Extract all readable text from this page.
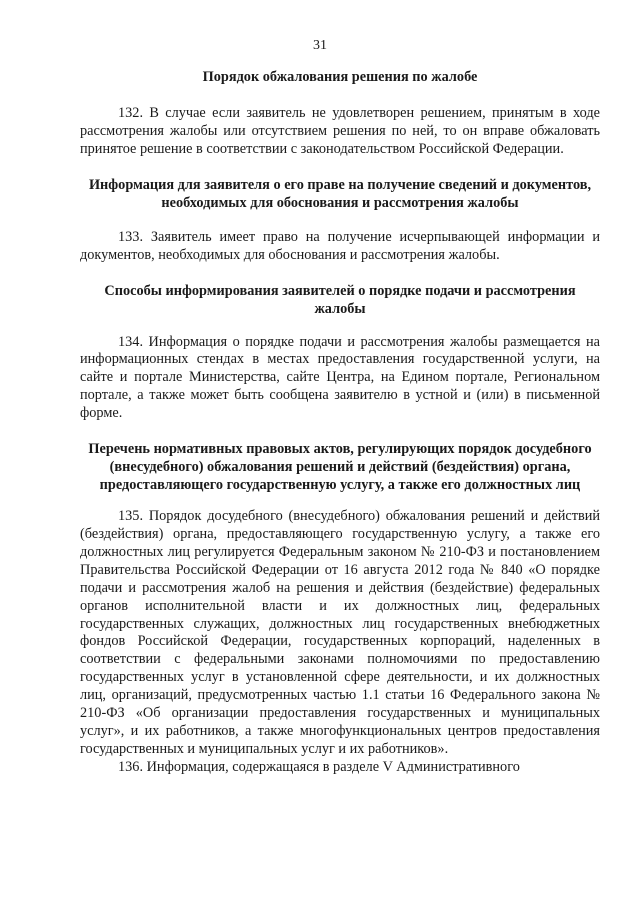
31
Порядок обжалования решения по жалобе

132. В случае если заявитель не удовлетворен решением, принятым в ходе рассмотрения жалобы или отсутствием решения по ней, то он вправе обжаловать принятое решение в соответствии с законодательством Российской Федерации.

Информация для заявителя о его праве на получение сведений и документов, необходимых для обоснования и рассмотрения жалобы

133. Заявитель имеет право на получение исчерпывающей информации и документов, необходимых для обоснования и рассмотрения жалобы.

Способы информирования заявителей о порядке подачи и рассмотрения жалобы

134. Информация о порядке подачи и рассмотрения жалобы размещается на информационных стендах в местах предоставления государственной услуги, на сайте и портале Министерства, сайте Центра, на Едином портале, Региональном портале, а также может быть сообщена заявителю в устной и (или) в письменной форме.

Перечень нормативных правовых актов, регулирующих порядок досудебного (внесудебного) обжалования решений и действий (бездействия) органа, предоставляющего государственную услугу, а также его должностных лиц

135. Порядок досудебного (внесудебного) обжалования решений и действий (бездействия) органа, предоставляющего государственную услугу, а также его должностных лиц регулируется Федеральным законом № 210-ФЗ и постановлением Правительства Российской Федерации от 16 августа 2012 года № 840 «О порядке подачи и рассмотрения жалоб на решения и действия (бездействие) федеральных органов исполнительной власти и их должностных лиц, федеральных государственных служащих, должностных лиц государственных внебюджетных фондов Российской Федерации, государственных корпораций, наделенных в соответствии с федеральными законами полномочиями по предоставлению государственных услуг в установленной сфере деятельности, и их должностных лиц, организаций, предусмотренных частью 1.1 статьи 16 Федерального закона № 210-ФЗ «Об организации предоставления государственных и муниципальных услуг», и их работников, а также многофункциональных центров предоставления государственных и муниципальных услуг и их работников».

136. Информация, содержащаяся в разделе V Административного
